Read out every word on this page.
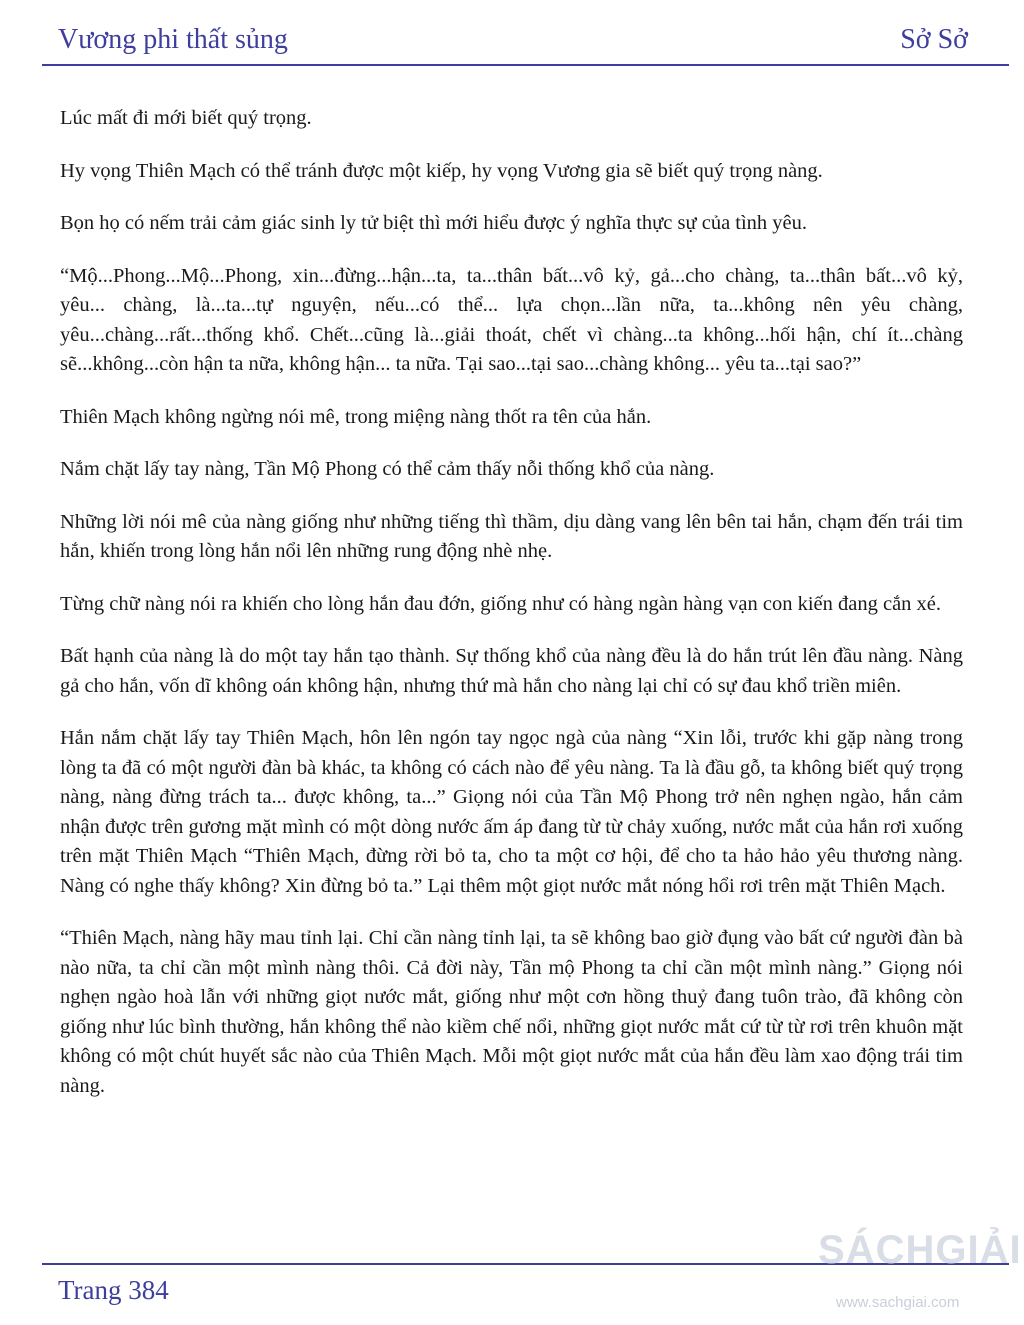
Vương phi thất sủng	Sở Sở

Lúc mất đi mới biết quý trọng.

Hy vọng Thiên Mạch có thể tránh được một kiếp, hy vọng Vương gia sẽ biết quý trọng nàng.

Bọn họ có nếm trải cảm giác sinh ly tử biệt thì mới hiểu được ý nghĩa thực sự của tình yêu.

“Mộ...Phong...Mộ...Phong, xin...đừng...hận...ta, ta...thân bất...vô kỷ, gả...cho chàng, ta...thân bất...vô kỷ, yêu... chàng, là...ta...tự nguyện, nếu...có thể... lựa chọn...lần nữa, ta...không nên yêu chàng, yêu...chàng...rất...thống khổ. Chết...cũng là...giải thoát, chết vì chàng...ta không...hối hận, chí ít...chàng sẽ...không...còn hận ta nữa, không hận... ta nữa. Tại sao...tại sao...chàng không... yêu ta...tại sao?”

Thiên Mạch không ngừng nói mê, trong miệng nàng thốt ra tên của hắn.

Nắm chặt lấy tay nàng, Tần Mộ Phong có thể cảm thấy nỗi thống khổ của nàng.

Những lời nói mê của nàng giống như những tiếng thì thầm, dịu dàng vang lên bên tai hắn, chạm đến trái tim hắn, khiến trong lòng hắn nổi lên những rung động nhè nhẹ.

Từng chữ nàng nói ra khiến cho lòng hắn đau đớn, giống như có hàng ngàn hàng vạn con kiến đang cắn xé.

Bất hạnh của nàng là do một tay hắn tạo thành. Sự thống khổ của nàng đều là do hắn trút lên đầu nàng. Nàng gả cho hắn, vốn dĩ không oán không hận, nhưng thứ mà hắn cho nàng lại chỉ có sự đau khổ triền miên.

Hắn nắm chặt lấy tay Thiên Mạch, hôn lên ngón tay ngọc ngà của nàng “Xin lỗi, trước khi gặp nàng trong lòng ta đã có một người đàn bà khác, ta không có cách nào để yêu nàng. Ta là đầu gỗ, ta không biết quý trọng nàng, nàng đừng trách ta... được không, ta...” Giọng nói của Tần Mộ Phong trở nên nghẹn ngào, hắn cảm nhận được trên gương mặt mình có một dòng nước ấm áp đang từ từ chảy xuống, nước mắt của hắn rơi xuống trên mặt Thiên Mạch “Thiên Mạch, đừng rời bỏ ta, cho ta một cơ hội, để cho ta hảo hảo yêu thương nàng. Nàng có nghe thấy không? Xin đừng bỏ ta.” Lại thêm một giọt nước mắt nóng hổi rơi trên mặt Thiên Mạch.

“Thiên Mạch, nàng hãy mau tỉnh lại. Chỉ cần nàng tỉnh lại, ta sẽ không bao giờ đụng vào bất cứ người đàn bà nào nữa, ta chỉ cần một mình nàng thôi. Cả đời này, Tần mộ Phong ta chỉ cần một mình nàng.” Giọng nói nghẹn ngào hoà lẫn với những giọt nước mắt, giống như một cơn hồng thuỷ đang tuôn trào, đã không còn giống như lúc bình thường, hắn không thể nào kiềm chế nổi, những giọt nước mắt cứ từ từ rơi trên khuôn mặt không có một chút huyết sắc nào của Thiên Mạch. Mỗi một giọt nước mắt của hắn đều làm xao động trái tim nàng.

Trang 384
SÁCHGIẢI
www.sachgiai.com
